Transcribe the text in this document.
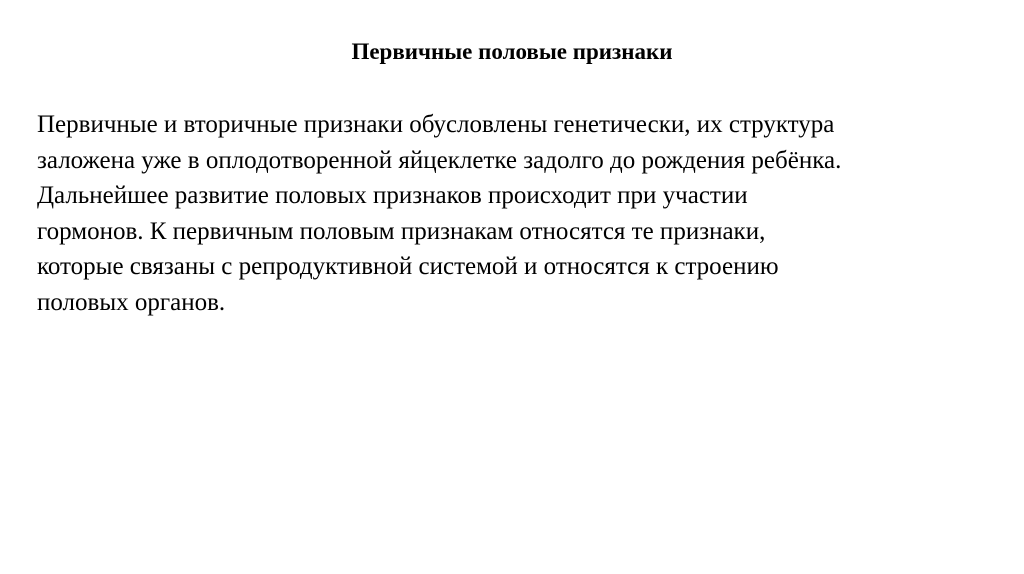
Первичные половые признаки

Первичные и вторичные признаки обусловлены генетически, их структура
заложена уже в оплодотворенной яйцеклетке задолго до рождения ребёнка.
Дальнейшее развитие половых признаков происходит при участии
гормонов. К первичным половым признакам относятся те признаки,
которые связаны с репродуктивной системой и относятся к строению
половых органов.
